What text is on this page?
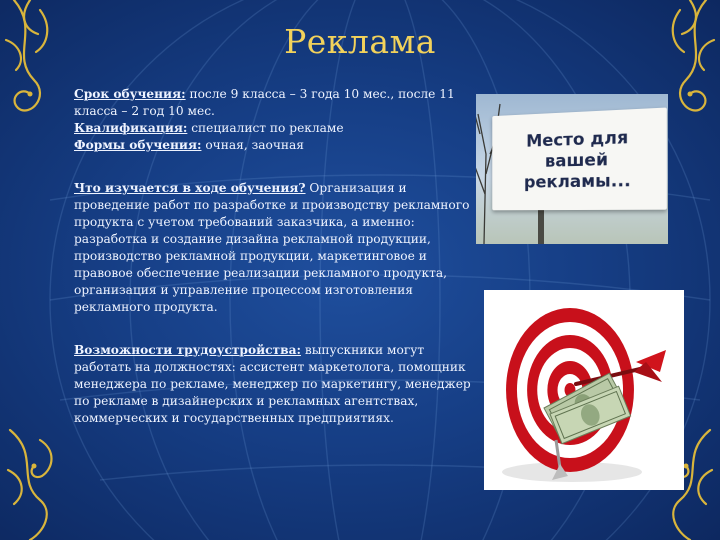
Реклама
Срок обучения: после 9 класса – 3 года 10 мес., после 11 класса – 2 год 10 мес.
Квалификация: специалист по рекламе
Формы обучения: очная, заочная
Что изучается в ходе обучения? Организация и проведение работ по разработке и производству рекламного продукта с учетом требований заказчика, а именно: разработка и создание дизайна рекламной продукции, производство рекламной продукции, маркетинговое и правовое обеспечение реализации рекламного продукта, организация и управление процессом изготовления рекламного продукта.
Возможности трудоустройства: выпускники могут работать на должностях: ассистент маркетолога, помощник менеджера по рекламе, менеджер по маркетингу, менеджер по рекламе в дизайнерских и рекламных агентствах, коммерческих и государственных предприятиях.
Место для вашей рекламы...
